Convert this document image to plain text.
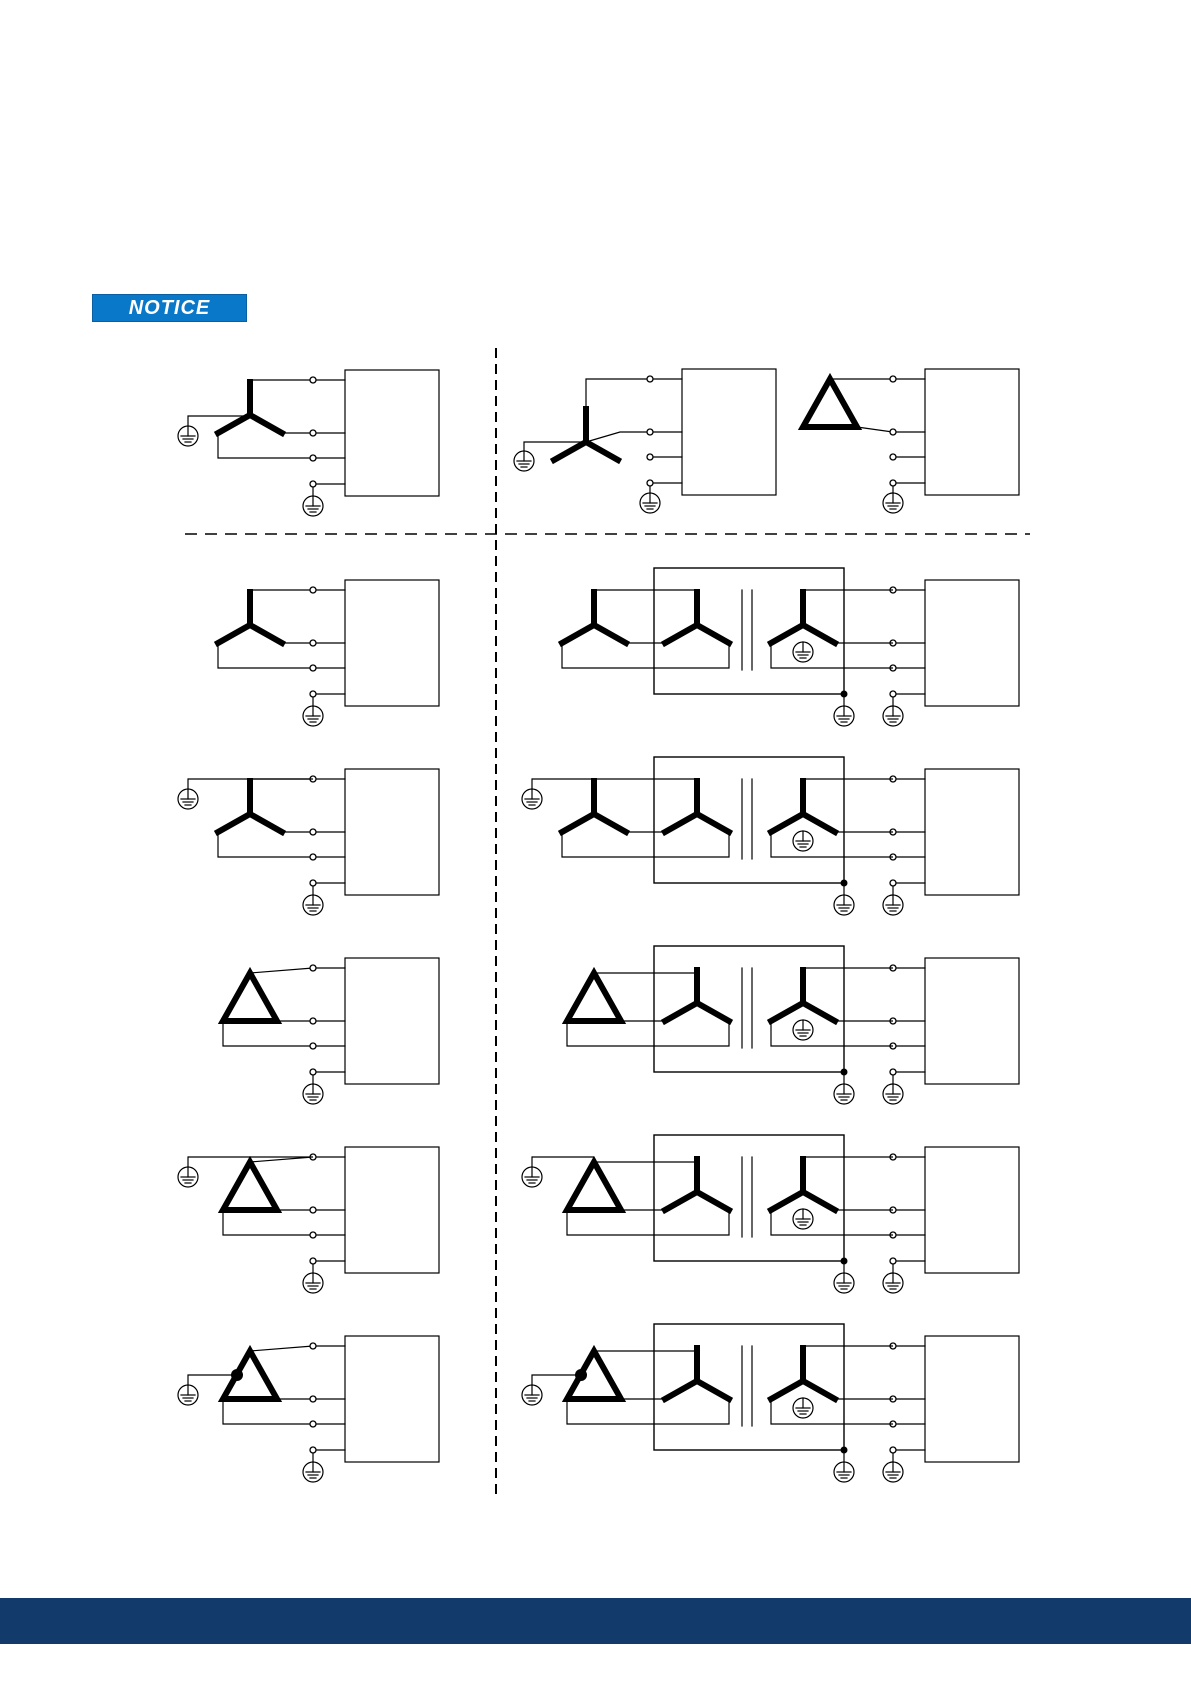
NOTICE
